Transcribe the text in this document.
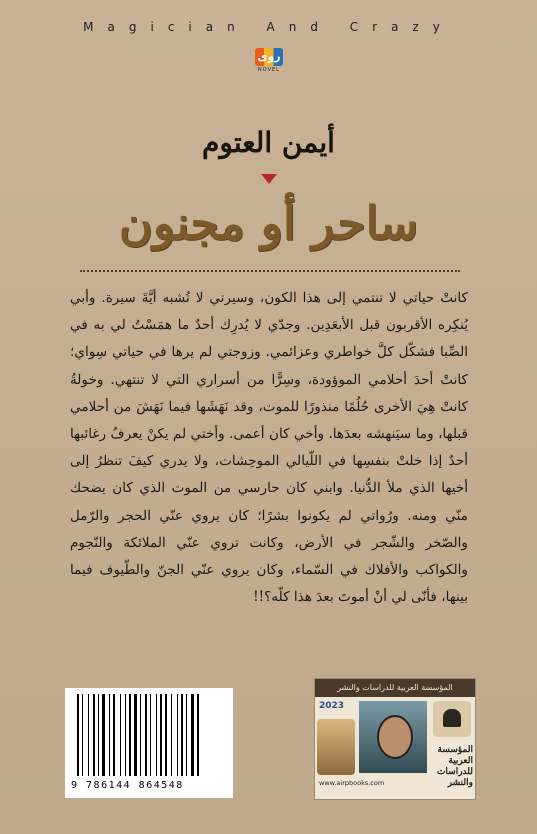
Magician And Crazy
روى
NOVEL
أيمن العتوم
ساحر أو مجنون
كانتْ حياتي لا تنتمي إلى هذا الكون، وسيرتي لا تُشبه أيَّةَ سيرة. وأبي يُنكِره الأقربون قبل الأبعَدِين. وجدّي لا يُدرِك أحدٌ ما همَسْتُ لي به في الصِّبا فشكّل كلَّ خواطري وعزائمي. وزوجتي لم يرها في حياتي سِواي؛ كانتْ أحدَ أحلامي الموؤودة، وسِرًّا من أسراري التي لا تنتهي. وخولةُ كانتْ هِيَ الأخرى حُلُمًا منذورًا للموت، وقد نَهَشَها فيما نَهَشَ من أحلامي قبلها، وما سيَنهشه بعدَها. وأخي كان أعمى. وأختي لم يكنْ يعرفُ رغائبها أحدٌ إذا خلتْ بنفسِها في اللّيالي الموحِشات، ولا يدري كيفَ تنظرُ إلى أخيها الذي ملأ الدُّنيا. وابني كان حارسي من الموت الذي كان يضحك منّي ومنه. ورُواتي لم يكونوا بشرًا؛ كان يروي عنّي الحجر والرّمل والصّخر والشّجر في الأرض، وكانت تروي عنّي الملائكة والنّجوم والكواكب والأفلاك في السّماء، وكان يروي عنّي الجنّ والطّيوف فيما بينها، فأنّى لي أنْ أموتَ بعدَ هذا كلّه؟!!
9 786144 864548
المؤسسة العربية للدراسات والنشر
2023
المؤسسة العربية للدراسات والنشر
www.airpbooks.com
